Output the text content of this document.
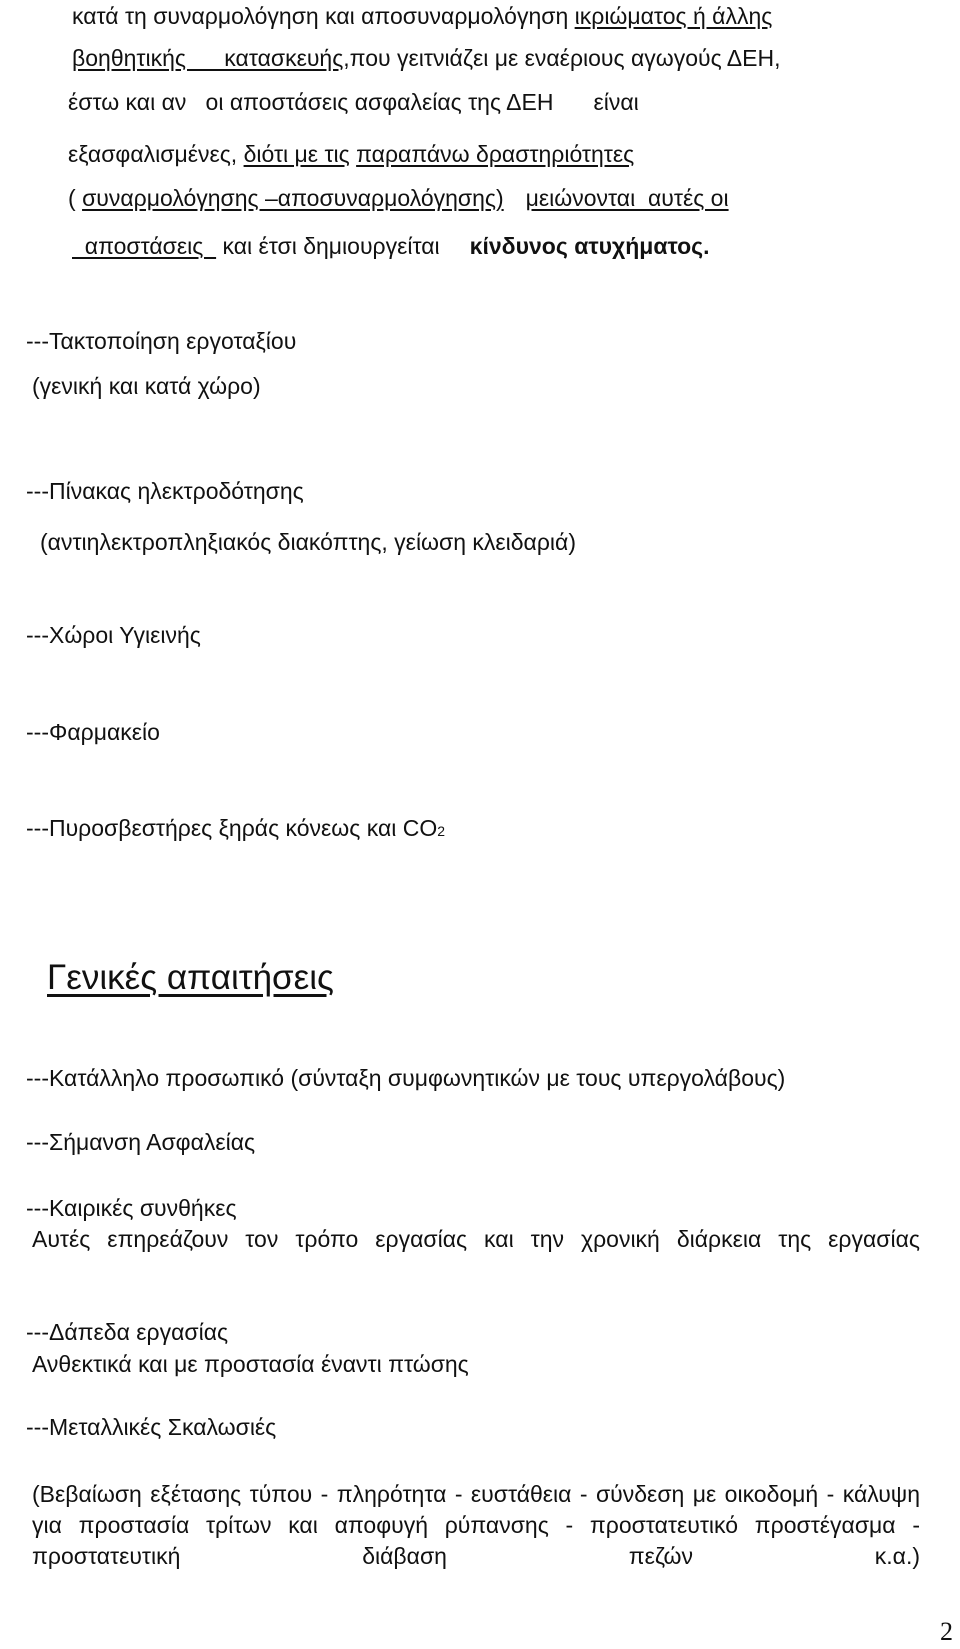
κατά τη συναρμολόγηση και αποσυναρμολόγηση ικριώματος ή άλλης
βοηθητικής      κατασκευής,που γειτνιάζει με εναέριους αγωγούς ΔΕΗ,
έστω και αν   οι αποστάσεις ασφαλείας της ΔΕΗ είναι
εξασφαλισμένες, διότι με τις παραπάνω δραστηριότητες
( συναρμολόγησης –αποσυναρμολόγησης) μειώνονται  αυτές οι
αποστάσεις   και έτσι δημιουργείται κίνδυνος ατυχήματος.
---Τακτοποίηση εργοταξίου
(γενική και κατά χώρο)
---Πίνακας ηλεκτροδότησης
(αντιηλεκτροπληξιακός διακόπτης, γείωση κλειδαριά)
---Χώροι Υγιεινής
---Φαρμακείο
---Πυροσβεστήρες ξηράς κόνεως και CO2
Γενικές απαιτήσεις
---Κατάλληλο προσωπικό (σύνταξη συμφωνητικών με τους υπεργολάβους)
---Σήμανση Ασφαλείας
---Καιρικές συνθήκες
Αυτές επηρεάζουν τον τρόπο εργασίας και την χρονική διάρκεια της εργασίας
---Δάπεδα εργασίας
Ανθεκτικά και με προστασία έναντι πτώσης
---Μεταλλικές Σκαλωσιές
(Βεβαίωση εξέτασης τύπου - πληρότητα - ευστάθεια - σύνδεση με οικοδομή - κάλυψη για προστασία τρίτων και αποφυγή ρύπανσης - προστατευτικό προστέγασμα - προστατευτική διάβαση πεζών κ.α.)
2
